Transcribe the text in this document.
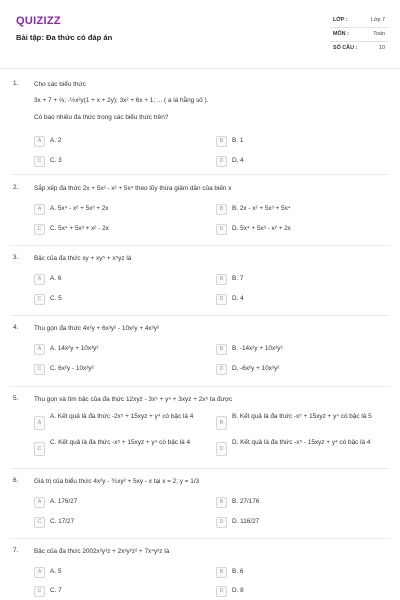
QUIZIZZ
Bài tập: Đa thức có đáp án
LỚP :	Lớp 7
MÔN :	Toán
SỐ CÂU :	10
1. Cho các biểu thức
3x + 7 + ⅔; -½x²y(1 + x + 2y); 3x² + 6x + 1; ... ( a là hằng số ).
Có bao nhiêu đa thức trong các biểu thức trên?
A	A. 2	B	B. 1
C	C. 3	D	D. 4
2. Sắp xếp đa thức 2x + 5x³ - x² + 5x⁴ theo lũy thừa giảm dần của biến x
A	A. 5x⁴ - x² + 5x³ + 2x	B	B. 2x - x² + 5x³ + 5x⁴
C	C. 5x⁴ + 5x³ + x² - 2x	D	D. 5x⁴ + 5x³ - x² + 2x
3. Bậc của đa thức xy + xy⁵ + x⁵yz là
A	A. 6	B	B. 7
C	C. 5	D	D. 4
4. Thu gọn đa thức 4x²y + 6x³y² - 10x²y + 4x³y²
A	A. 14x²y + 10x³y²	B	B. -14x²y + 10x³y²
C	C. 6x²y - 10x³y²	D	D. -6x²y + 10x³y²
5. Thu gọn và tìm bậc của đa thức 12xyz - 3x⁵ + y⁴ + 3xyz + 2x⁵ ta được
A
A. Kết quả là đa thức -2x⁵ + 15xyz + y⁴ có bậc là 4
B
B. Kết quả là đa thức -x⁵ + 15xyz + y⁴ có bậc là 5
C
C. Kết quả là đa thức -x⁵ + 15xyz + y⁴ có bậc là 4
D
D. Kết quả là đa thức -x⁵ - 15xyz + y⁴ có bậc là 4
6. Giá trị của biểu thức 4x²y - ⅗xy² + 5xy - x tại x = 2; y = 1/3
A	A. 176/27	B	B. 27/176
C	C. 17/27	D	D. 116/27
7. Bậc của đa thức 2002x²y³z + 2x³y²z² + 7x⁴y³z là
A	A. 5	B	B. 6
C	C. 7	D	D. 8
